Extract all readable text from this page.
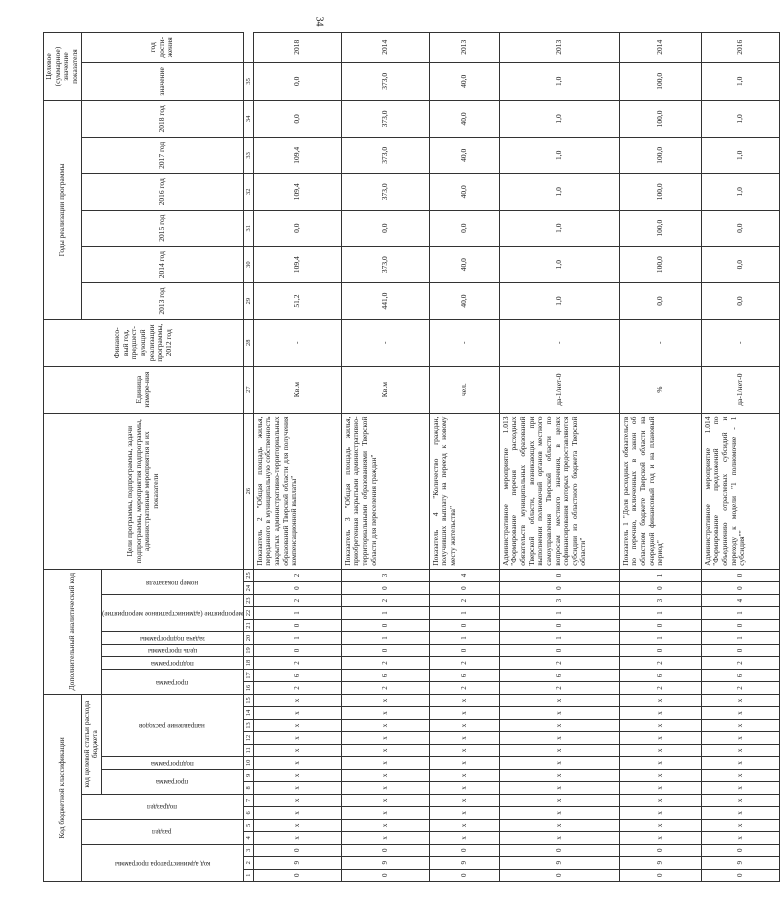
34
Код бюджетной классификации															Дополнительный аналитический код										Цели программы, подпрограммы, задачи подпрограммы, мероприятия подпрограммы, административные мероприятия и их показатели	Единица измере-ния	Финансо-вый год, предшест-вующий реализации программы, 2012 год	Годы реализации программы						Целевое (суммарное) значение показателя	

код администратора программы			раздел		подраздел		код целевой статьи расхода бюджета																					2013 год	2014 год	2015 год	2016 год	2017 год	2018 год	значение	год дости-жения

							программа		подпрограмма	направление расходов					программа		подпрограмма	цель программы	задача подпрограммы	мероприятие (административное мероприятие)			номер показателя												

1	2	3	4	5	6	7	8	9	10	11	12	13	14	15	16	17	18	19	20	21	22	23	24	25	26	27	28	29	30	31	32	33	34	35	
0	9	0	x	x	x	x	x	x	x	x	x	x	x	x	2	6	2	0	1	0	1	2	0	2	Показатель 2 "Общая площадь жилья, переданного в муниципальную собственность закрытых административно-территориальных образований Тверской области для получения компенсационной выплаты"	Кв.м	-	51,2	109,4	0,0	109,4	109,4	0,0	0,0	2018
0	9	0	x	x	x	x	x	x	x	x	x	x	x	x	2	6	2	0	1	0	1	2	0	3	Показатель 3 "Общая площадь жилья, приобретенная закрытыми административно-территориальными образованиями Тверской области для переселения граждан"	Кв.м	-	441,0	373,0	0,0	373,0	373,0	373,0	373,0	2014
0	9	0	x	x	x	x	x	x	x	x	x	x	x	x	2	6	2	0	1	0	1	2	0	4	Показатель 4 "Количество граждан, получивших выплату на переезд к новому месту жительства"	чел.	-	40,0	40,0	0,0	40,0	40,0	40,0	40,0	2013
0	9	0	x	x	x	x	x	x	x	x	x	x	x	x	2	6	2	0	1	0	1	3	0	0	Административное мероприятие 1.013 "Формирование перечня расходных обязательств муниципальных образований Тверской области, возникающих при выполнении полномочий органов местного самоуправления Тверской области по вопросам местного значения, в целях софинансирования которых предоставляются субсидии из областного бюджета Тверской области"	да-1/нет-0	-	1,0	1,0	1,0	1,0	1,0	1,0	1,0	2013
0	9	0	x	x	x	x	x	x	x	x	x	x	x	x	2	6	2	0	1	0	1	3	0	1	Показатель 1 "Доля расходных обязательств по перечню, включенных в закон об областном бюджете Тверской области на очередной финансовый год и на плановый период"	%	-	0,0	100,0	100,0	100,0	100,0	100,0	100,0	2014
0	9	0	x	x	x	x	x	x	x	x	x	x	x	x	2	6	2	0	1	0	1	4	0	0	Административное мероприятие 1.014 "Формирование предложений по объединению отраслевых субсидий и переходу к модели "1 полномочие - 1 субсидия""	да-1/нет-0	-	0,0	0,0	0,0	1,0	1,0	1,0	1,0	2016
